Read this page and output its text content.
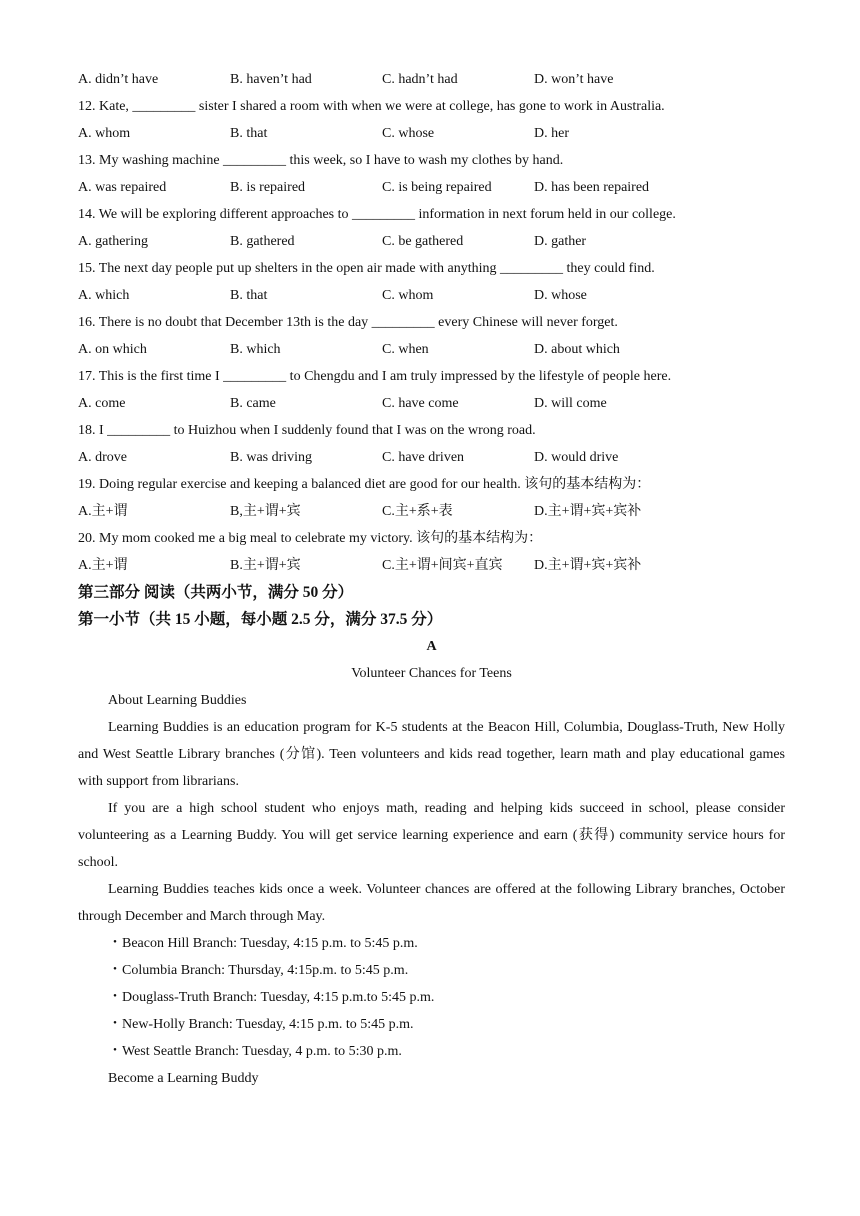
A. didn’t have	B. haven’t had	C. hadn’t had	D. won’t have
12. Kate, _________ sister I shared a room with when we were at college, has gone to work in Australia.
A. whom	B. that	C. whose	D. her
13. My washing machine _________ this week, so I have to wash my clothes by hand.
A. was repaired	B. is repaired	C. is being repaired	D. has been repaired
14. We will be exploring different approaches to _________ information in next forum held in our college.
A. gathering	B. gathered	C. be gathered	D. gather
15. The next day people put up shelters in the open air made with anything _________ they could find.
A. which	B. that	C. whom	D. whose
16. There is no doubt that December 13th is the day _________ every Chinese will never forget.
A. on which	B. which	C. when	D. about which
17. This is the first time I _________ to Chengdu and I am truly impressed by the lifestyle of people here.
A. come	B. came	C. have come	D. will come
18. I _________ to Huizhou when I suddenly found that I was on the wrong road.
A. drove	B. was driving	C. have driven	D. would drive
19. Doing regular exercise and keeping a balanced diet are good for our health. 该句的基本结构为：
A.主+谓	B,主+谓+宾	C.主+系+表	D.主+谓+宾+宾补
20. My mom cooked me a big meal to celebrate my victory. 该句的基本结构为：
A.主+谓	B.主+谓+宾	C.主+谓+间宾+直宾	D.主+谓+宾+宾补
第三部分 阅读（共两小节，满分 50 分）
第一小节（共 15 小题，每小题 2.5 分，满分 37.5 分）
A
Volunteer Chances for Teens
About Learning Buddies
Learning Buddies is an education program for K-5 students at the Beacon Hill, Columbia, Douglass-Truth, New Holly and West Seattle Library branches (分馆). Teen volunteers and kids read together, learn math and play educational games with support from librarians.
If you are a high school student who enjoys math, reading and helping kids succeed in school, please consider volunteering as a Learning Buddy. You will get service learning experience and earn (获得) community service hours for school.
Learning Buddies teaches kids once a week. Volunteer chances are offered at the following Library branches, October through December and March through May.
・Beacon Hill Branch: Tuesday, 4:15 p.m. to 5:45 p.m.
・Columbia Branch: Thursday, 4:15p.m. to 5:45 p.m.
・Douglass-Truth Branch: Tuesday, 4:15 p.m.to 5:45 p.m.
・New-Holly Branch: Tuesday, 4:15 p.m. to 5:45 p.m.
・West Seattle Branch: Tuesday, 4 p.m. to 5:30 p.m.
Become a Learning Buddy
